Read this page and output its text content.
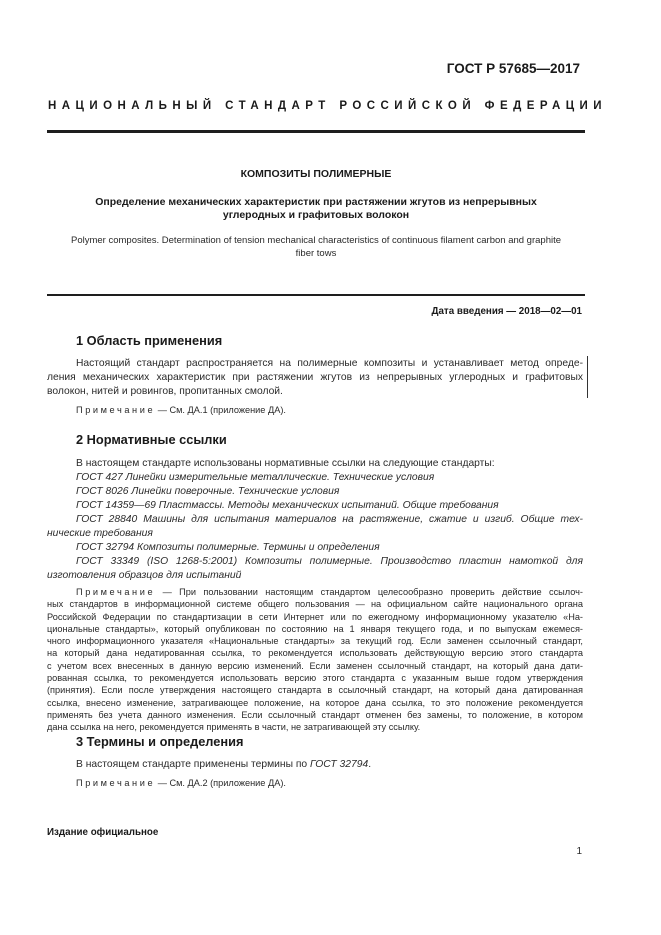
ГОСТ Р 57685—2017
НАЦИОНАЛЬНЫЙ СТАНДАРТ РОССИЙСКОЙ ФЕДЕРАЦИИ
КОМПОЗИТЫ ПОЛИМЕРНЫЕ
Определение механических характеристик при растяжении жгутов из непрерывных
углеродных и графитовых волокон
Polymer composites. Determination of tension mechanical characteristics of continuous filament carbon and graphite
fiber tows
Дата введения — 2018—02—01
1 Область применения
Настоящий стандарт распространяется на полимерные композиты и устанавливает метод опреде-
ления механических характеристик при растяжении жгутов из непрерывных углеродных и графитовых
волокон, нитей и ровингов, пропитанных смолой.
Примечание — См. ДА.1 (приложение ДА).
2 Нормативные ссылки
В настоящем стандарте использованы нормативные ссылки на следующие стандарты:
ГОСТ 427 Линейки измерительные металлические. Технические условия
ГОСТ 8026 Линейки поверочные. Технические условия
ГОСТ 14359—69 Пластмассы. Методы механических испытаний. Общие требования
ГОСТ 28840 Машины для испытания материалов на растяжение, сжатие и изгиб. Общие тех-
нические требования
ГОСТ 32794 Композиты полимерные. Термины и определения
ГОСТ 33349 (ISO 1268-5:2001) Композиты полимерные. Производство пластин намоткой для
изготовления образцов для испытаний
Примечание — При пользовании настоящим стандартом целесообразно проверить действие ссылоч-
ных стандартов в информационной системе общего пользования — на официальном сайте национального органа
Российской Федерации по стандартизации в сети Интернет или по ежегодному информационному указателю «На-
циональные стандарты», который опубликован по состоянию на 1 января текущего года, и по выпускам ежемеся-
чного информационного указателя «Национальные стандарты» за текущий год. Если заменен ссылочный стандарт,
на который дана недатированная ссылка, то рекомендуется использовать действующую версию этого стандарта
с учетом всех внесенных в данную версию изменений. Если заменен ссылочный стандарт, на который дана дати-
рованная ссылка, то рекомендуется использовать версию этого стандарта с указанным выше годом утверждения
(принятия). Если после утверждения настоящего стандарта в ссылочный стандарт, на который дана датированная
ссылка, внесено изменение, затрагивающее положение, на которое дана ссылка, то это положение рекомендуется
применять без учета данного изменения. Если ссылочный стандарт отменен без замены, то положение, в котором
дана ссылка на него, рекомендуется применять в части, не затрагивающей эту ссылку.
3 Термины и определения
В настоящем стандарте применены термины по ГОСТ 32794.
Примечание — См. ДА.2 (приложение ДА).
Издание официальное
1
